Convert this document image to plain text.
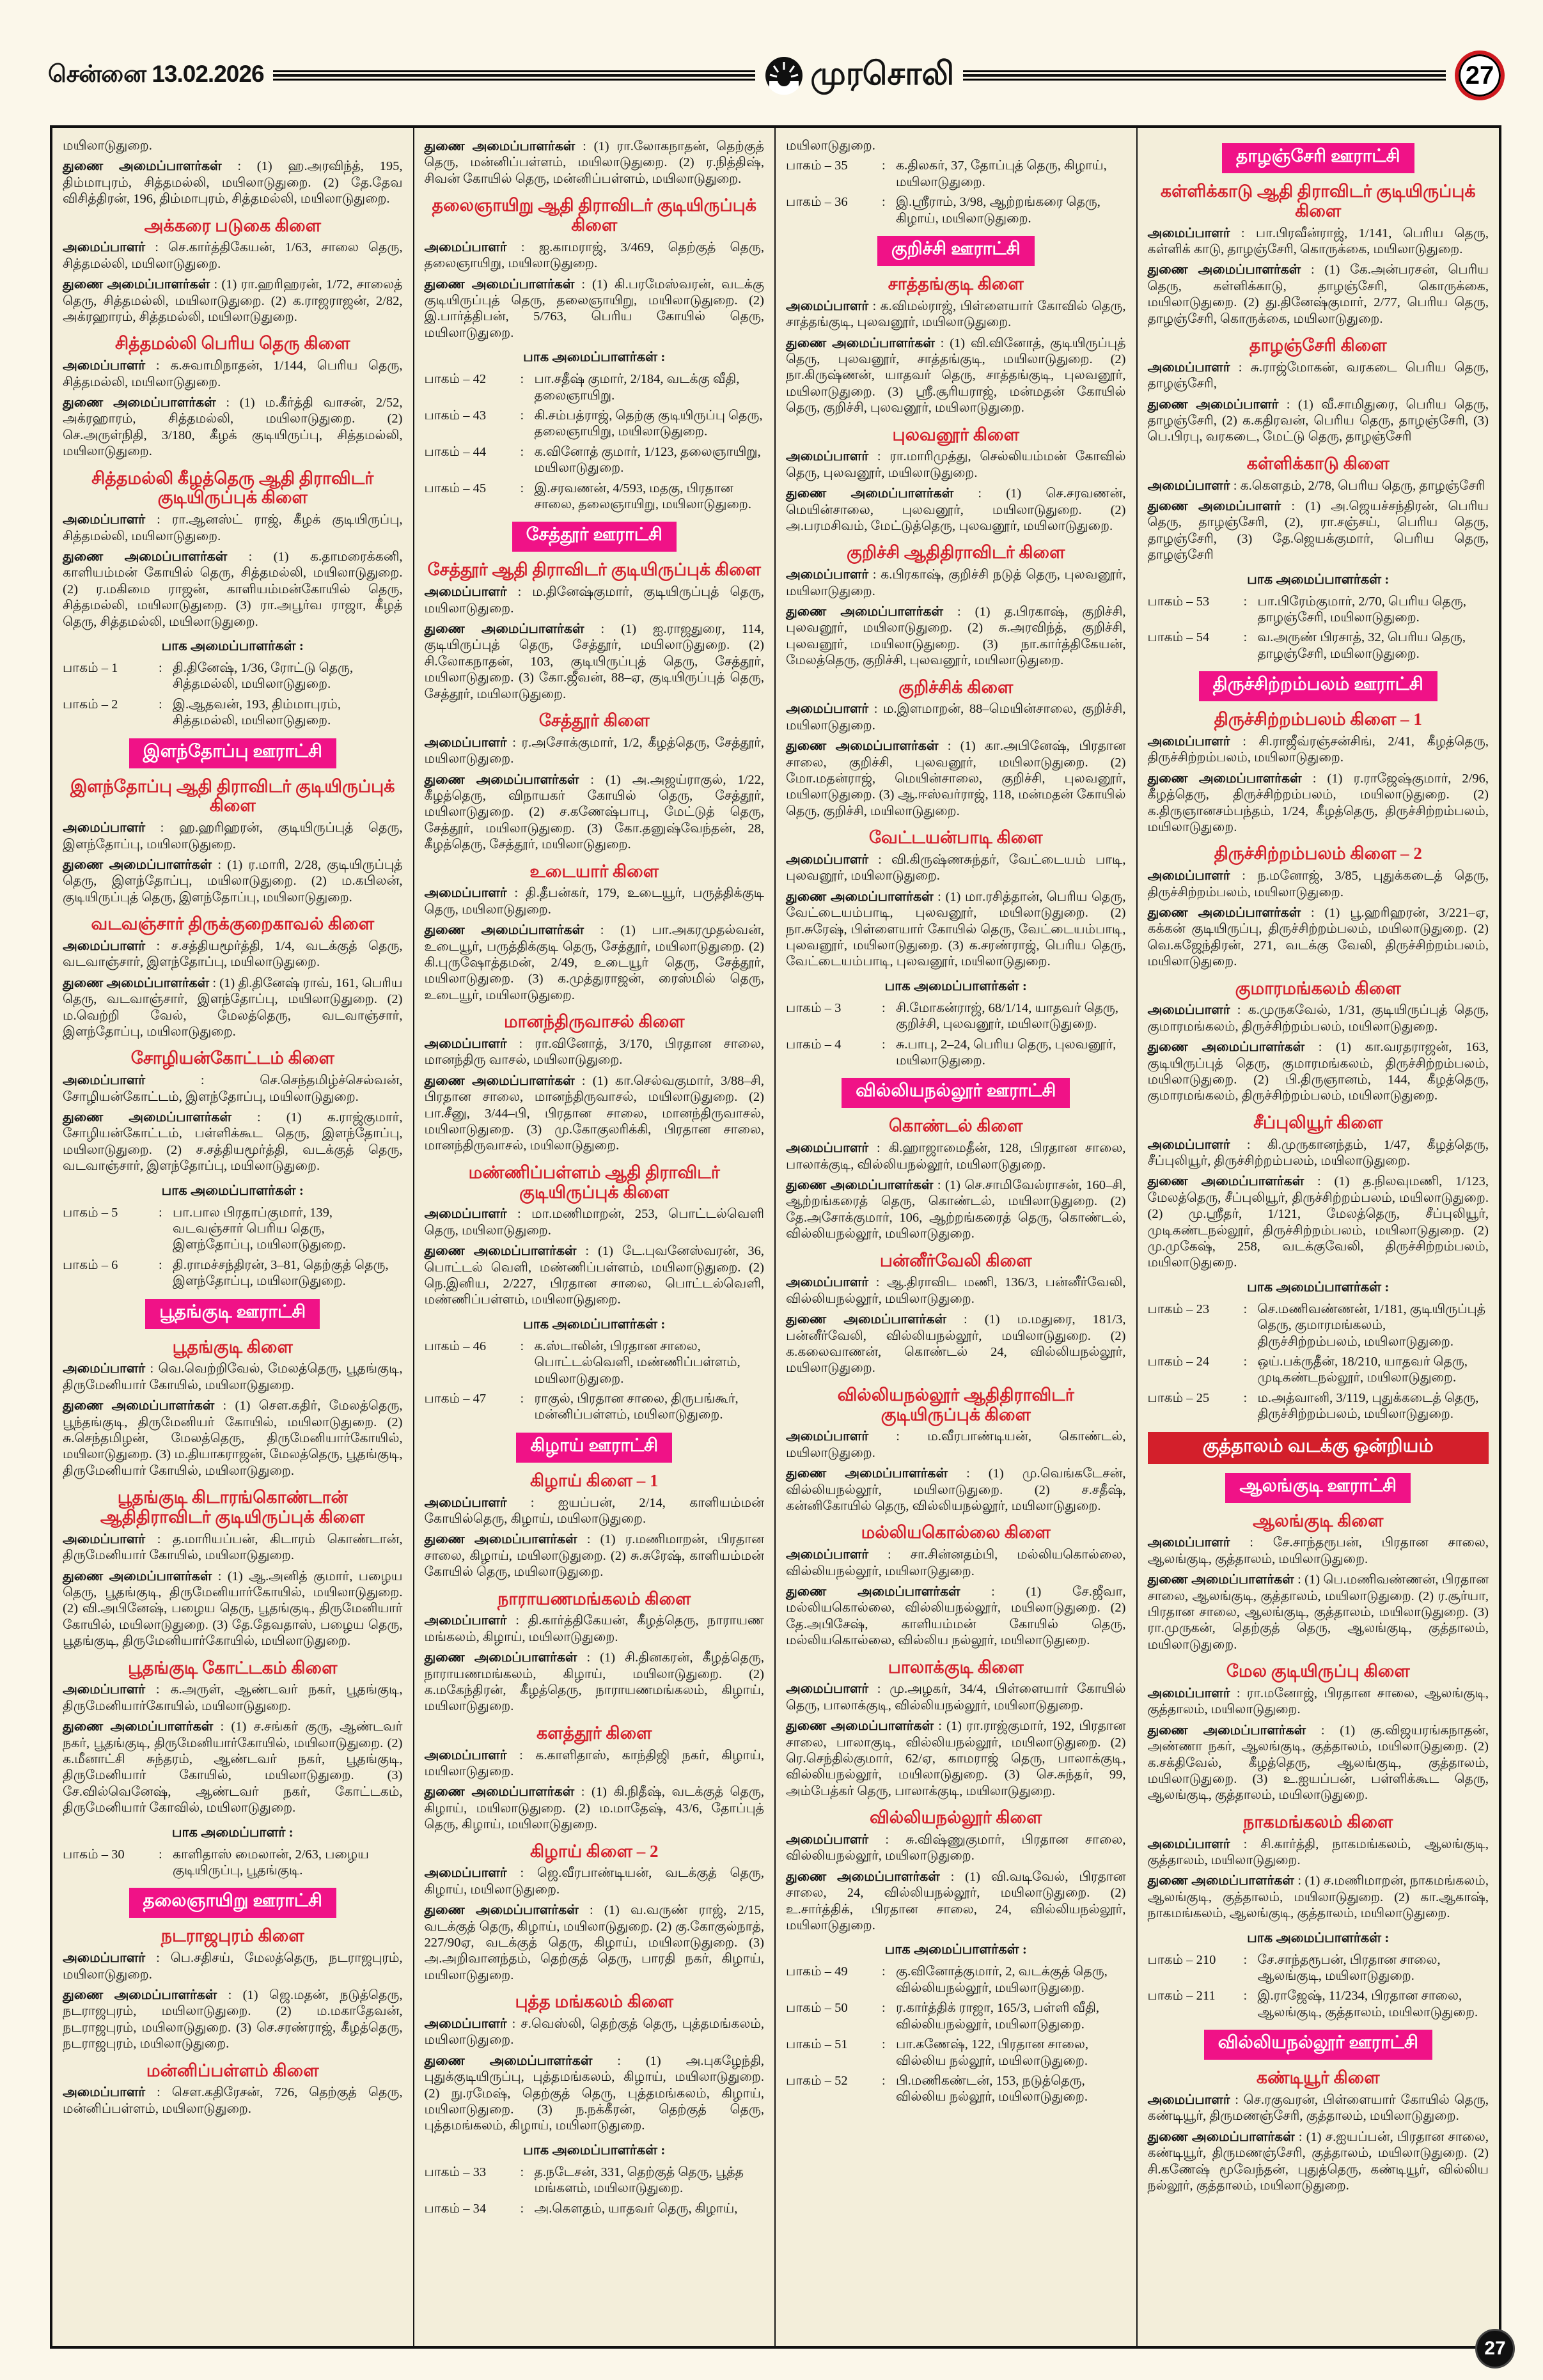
சென்னை 13.02.2026	முரசொலி	27
மயிலாடுதுறை.
துணை அமைப்பாளர்கள் : (1) ஹ.அரவிந்த், 195, திம்மாபுரம், சித்தமல்லி, மயிலாடுதுறை. (2) தே.தேவ விசித்திரன், 196, திம்மாபுரம், சித்தமல்லி, மயிலாடுதுறை.
அக்கரை படுகை கிளை
அமைப்பாளர் : செ.கார்த்திகேயன், 1/63, சாலை தெரு, சித்தமல்லி, மயிலாடுதுறை.
துணை அமைப்பாளர்கள் : (1) ரா.ஹரிஹரன், 1/72, சாலைத் தெரு, சித்தமல்லி, மயிலாடுதுறை. (2) க.ராஜராஜன், 2/82, அக்ரஹாரம், சித்தமல்லி, மயிலாடுதுறை.
சித்தமல்லி பெரிய தெரு கிளை
அமைப்பாளர் : க.சுவாமிநாதன், 1/144, பெரிய தெரு, சித்தமல்லி, மயிலாடுதுறை.
துணை அமைப்பாளர்கள் : (1) ம.கீர்த்தி வாசன், 2/52, அக்ரஹாரம், சித்தமல்லி, மயிலாடுதுறை. (2) செ.அருள்நிதி, 3/180, கீழக் குடியிருப்பு, சித்தமல்லி, மயிலாடுதுறை.
சித்தமல்லி கீழத்தெரு ஆதி திராவிடர் குடியிருப்புக் கிளை
அமைப்பாளர் : ரா.ஆனஸ்ட் ராஜ், கீழக் குடியிருப்பு, சித்தமல்லி, மயிலாடுதுறை.
துணை அமைப்பாளர்கள் : (1) க.தாமரைக்கனி, காளியம்மன் கோயில் தெரு, சித்தமல்லி, மயிலாடுதுறை. (2) ர.மகிமை ராஜன், காளியம்மன்கோயில் தெரு, சித்தமல்லி, மயிலாடுதுறை. (3) ரா.அபூர்வ ராஜா, கீழத் தெரு, சித்தமல்லி, மயிலாடுதுறை.
பாக அமைப்பாளர்கள் :
பாகம் – 1	: தி.தினேஷ், 1/36, ரோட்டு தெரு, சித்தமல்லி, மயிலாடுதுறை.
பாகம் – 2	: இ.ஆதவன், 193, திம்மாபுரம், சித்தமல்லி, மயிலாடுதுறை.
இளந்தோப்பு ஊராட்சி
இளந்தோப்பு ஆதி திராவிடர் குடியிருப்புக் கிளை
அமைப்பாளர் : ஹ.ஹரிஹரன், குடியிருப்புத் தெரு, இளந்தோப்பு, மயிலாடுதுறை.
துணை அமைப்பாளர்கள் : (1) ர.மாரி, 2/28, குடியிருப்புத் தெரு, இளந்தோப்பு, மயிலாடுதுறை. (2) ம.கபிலன், குடியிருப்புத் தெரு, இளந்தோப்பு, மயிலாடுதுறை.
வடவஞ்சார் திருக்குறைகாவல் கிளை
அமைப்பாளர் : ச.சத்தியமூர்த்தி, 1/4, வடக்குத் தெரு, வடவாஞ்சார், இளந்தோப்பு, மயிலாடுதுறை.
துணை அமைப்பாளர்கள் : (1) தி.தினேஷ் ராவ், 161, பெரிய தெரு, வடவாஞ்சார், இளந்தோப்பு, மயிலாடுதுறை. (2) ம.வெற்றி வேல், மேலத்தெரு, வடவாஞ்சார், இளந்தோப்பு, மயிலாடுதுறை.
சோழியன்கோட்டம் கிளை
அமைப்பாளர் : செ.செந்தமிழ்ச்செல்வன், சோழியன்கோட்டம், இளந்தோப்பு, மயிலாடுதுறை.
துணை அமைப்பாளர்கள் : (1) க.ராஜ்குமார், சோழியன்கோட்டம், பள்ளிக்கூட தெரு, இளந்தோப்பு, மயிலாடுதுறை. (2) ச.சத்தியமூர்த்தி, வடக்குத் தெரு, வடவாஞ்சார், இளந்தோப்பு, மயிலாடுதுறை.
பாக அமைப்பாளர்கள் :
பாகம் – 5	: பா.பால பிரதாப்குமார், 139, வடவஞ்சார் பெரிய தெரு, இளந்தோப்பு, மயிலாடுதுறை.
பாகம் – 6	: தி.ராமச்சந்திரன், 3–81, தெற்குத் தெரு, இளந்தோப்பு, மயிலாடுதுறை.
பூதங்குடி ஊராட்சி
பூதங்குடி கிளை
அமைப்பாளர் : வெ.வெற்றிவேல், மேலத்தெரு, பூதங்குடி, திருமேனியார் கோயில், மயிலாடுதுறை.
துணை அமைப்பாளர்கள் : (1) செள.கதிர், மேலத்தெரு, பூந்தங்குடி, திருமேனியர் கோயில், மயிலாடுதுறை. (2) சு.செந்தமிழன், மேலத்தெரு, திருமேனியார்கோயில், மயிலாடுதுறை. (3) ம.தியாகராஜன், மேலத்தெரு, பூதங்குடி, திருமேனியார் கோயில், மயிலாடுதுறை.
பூதங்குடி கிடாரங்கொண்டான் ஆதிதிராவிடர் குடியிருப்புக் கிளை
அமைப்பாளர் : த.மாரியப்பன், கிடாரம் கொண்டான், திருமேனியார் கோயில், மயிலாடுதுறை.
துணை அமைப்பாளர்கள் : (1) ஆ.அனித் குமார், பழைய தெரு, பூதங்குடி, திருமேனியார்கோயில், மயிலாடுதுறை. (2) வி.அபினேஷ், பழைய தெரு, பூதங்குடி, திருமேனியார் கோயில், மயிலாடுதுறை. (3) தே.தேவதாஸ், பழைய தெரு, பூதங்குடி, திருமேனியார்கோயில், மயிலாடுதுறை.
பூதங்குடி கோட்டகம் கிளை
அமைப்பாளர் : க.அருள், ஆண்டவர் நகர், பூதங்குடி, திருமேனியார்கோயில், மயிலாடுதுறை.
துணை அமைப்பாளர்கள் : (1) ச.சங்கர் குரு, ஆண்டவர் நகர், பூதங்குடி, திருமேனியார்கோயில், மயிலாடுதுறை. (2) க.மீனாட்சி சுந்தரம், ஆண்டவர் நகர், பூதங்குடி, திருமேனியார் கோயில், மயிலாடுதுறை. (3) சே.வில்வெனேஷ், ஆண்டவர் நகர், கோட்டகம், திருமேனியார் கோவில், மயிலாடுதுறை.
பாக அமைப்பாளர் :
பாகம் – 30	: காளிதாஸ் மைலான், 2/63, பழைய குடியிருப்பு, பூதங்குடி.
தலைஞாயிறு ஊராட்சி
நடராஜபுரம் கிளை
அமைப்பாளர் : பெ.சதிசய், மேலத்தெரு, நடராஜபுரம், மயிலாடுதுறை.
துணை அமைப்பாளர்கள் : (1) ஜெ.மதன், நடுத்தெரு, நடராஜபுரம், மயிலாடுதுறை. (2) ம.மகாதேவன், நடராஜபுரம், மயிலாடுதுறை. (3) செ.சரண்ராஜ், கீழத்தெரு, நடராஜபுரம், மயிலாடுதுறை.
மன்னிப்பள்ளம் கிளை
அமைப்பாளர் : சௌ.கதிரேசன், 726, தெற்குத் தெரு, மன்னிப்பள்ளம், மயிலாடுதுறை.
துணை அமைப்பாளர்கள் : (1) ரா.லோகநாதன், தெற்குத் தெரு, மன்னிப்பள்ளம், மயிலாடுதுறை. (2) ர.நித்திஷ், சிவன் கோயில் தெரு, மன்னிப்பள்ளம், மயிலாடுதுறை.
தலைஞாயிறு ஆதி திராவிடர் குடியிருப்புக் கிளை
அமைப்பாளர் : ஐ.காமராஜ், 3/469, தெற்குத் தெரு, தலைஞாயிறு, மயிலாடுதுறை.
துணை அமைப்பாளர்கள் : (1) கி.பரமேஸ்வரன், வடக்கு குடியிருப்புத் தெரு, தலைஞாயிறு, மயிலாடுதுறை. (2) இ.பார்த்திபன், 5/763, பெரிய கோயில் தெரு, மயிலாடுதுறை.
பாக அமைப்பாளர்கள் :
பாகம் – 42	: பா.சதீஷ் குமார், 2/184, வடக்கு வீதி, தலைஞாயிறு.
பாகம் – 43	: கி.சம்பத்ராஜ், தெற்கு குடியிருப்பு தெரு, தலைஞாயிறு, மயிலாடுதுறை.
பாகம் – 44	: க.வினோத் குமார், 1/123, தலைஞாயிறு, மயிலாடுதுறை.
பாகம் – 45	: இ.சரவணன், 4/593, மதகு, பிரதான சாலை, தலைஞாயிறு, மயிலாடுதுறை.
சேத்தூர் ஊராட்சி
சேத்தூர் ஆதி திராவிடர் குடியிருப்புக் கிளை
அமைப்பாளர் : ம.தினேஷ்குமார், குடியிருப்புத் தெரு, மயிலாடுதுறை.
துணை அமைப்பாளர்கள் : (1) ஐ.ராஜதுரை, 114, குடியிருப்புத் தெரு, சேத்தூர், மயிலாடுதுறை. (2) சி.லோகநாதன், 103, குடியிருப்புத் தெரு, சேத்தூர், மயிலாடுதுறை. (3) கோ.ஜீவன், 88–ஏ, குடியிருப்புத் தெரு, சேத்தூர், மயிலாடுதுறை.
சேத்தூர் கிளை
அமைப்பாளர் : ர.அசோக்குமார், 1/2, கீழத்தெரு, சேத்தூர், மயிலாடுதுறை.
துணை அமைப்பாளர்கள் : (1) அ.அஜய்ராகுல், 1/22, கீழத்தெரு, விநாயகர் கோயில் தெரு, சேத்தூர், மயிலாடுதுறை. (2) ச.கணேஷ்பாபு, மேட்டுத் தெரு, சேத்தூர், மயிலாடுதுறை. (3) கோ.தனுஷ்வேந்தன், 28, கீழத்தெரு, சேத்தூர், மயிலாடுதுறை.
உடையார் கிளை
அமைப்பாளர் : தி.தீபன்கர், 179, உடையூர், பருத்திக்குடி தெரு, மயிலாடுதுறை.
துணை அமைப்பாளர்கள் : (1) பா.அகரமுதல்வன், உடையூர், பருத்திக்குடி தெரு, சேத்தூர், மயிலாடுதுறை. (2) கி.புருஷோத்தமன், 2/49, உடையூர் தெரு, சேத்தூர், மயிலாடுதுறை. (3) க.முத்துராஜன், ரைஸ்மில் தெரு, உடையூர், மயிலாடுதுறை.
மானந்திருவாசல் கிளை
அமைப்பாளர் : ரா.வினோத், 3/170, பிரதான சாலை, மானந்திரு வாசல், மயிலாடுதுறை.
துணை அமைப்பாளர்கள் : (1) கா.செல்வகுமார், 3/88–சி, பிரதான சாலை, மானந்திருவாசல், மயிலாடுதுறை. (2) பா.சீனு, 3/44–பி, பிரதான சாலை, மானந்திருவாசல், மயிலாடுதுறை. (3) மு.கோகுலரிக்கி, பிரதான சாலை, மானந்திருவாசல், மயிலாடுதுறை.
மண்ணிப்பள்ளம் ஆதி திராவிடர் குடியிருப்புக் கிளை
அமைப்பாளர் : மா.மணிமாறன், 253, பொட்டல்வெளி தெரு, மயிலாடுதுறை.
துணை அமைப்பாளர்கள் : (1) டே.புவனேஸ்வரன், 36, பொட்டல் வெளி, மண்ணிப்பள்ளம், மயிலாடுதுறை. (2) நெ.இனிய, 2/227, பிரதான சாலை, பொட்டல்வெளி, மண்ணிப்பள்ளம், மயிலாடுதுறை.
பாக அமைப்பாளர்கள் :
பாகம் – 46	: க.ஸ்டாலின், பிரதான சாலை, பொட்டல்வெளி, மண்ணிப்பள்ளம், மயிலாடுதுறை.
பாகம் – 47	: ராகுல், பிரதான சாலை, திருபங்கூர், மன்னிப்பள்ளம், மயிலாடுதுறை.
கிழாய் ஊராட்சி
கிழாய் கிளை – 1
அமைப்பாளர் : ஐயப்பன், 2/14, காளியம்மன் கோயில்தெரு, கிழாய், மயிலாடுதுறை.
துணை அமைப்பாளர்கள் : (1) ர.மணிமாறன், பிரதான சாலை, கிழாய், மயிலாடுதுறை. (2) சு.சுரேஷ், காளியம்மன் கோயில் தெரு, மயிலாடுதுறை.
நாராயணமங்கலம் கிளை
அமைப்பாளர் : தி.கார்த்திகேயன், கீழத்தெரு, நாராயண மங்கலம், கிழாய், மயிலாடுதுறை.
துணை அமைப்பாளர்கள் : (1) சி.தினகரன், கீழத்தெரு, நாராயணமங்கலம், கிழாய், மயிலாடுதுறை. (2) க.மகேந்திரன், கீழத்தெரு, நாராயணமங்கலம், கிழாய், மயிலாடுதுறை.
களத்தூர் கிளை
அமைப்பாளர் : க.காளிதாஸ், காந்திஜி நகர், கிழாய், மயிலாடுதுறை.
துணை அமைப்பாளர்கள் : (1) கி.நிதீஷ், வடக்குத் தெரு, கிழாய், மயிலாடுதுறை. (2) ம.மாதேஷ், 43/6, தோப்புத் தெரு, கிழாய், மயிலாடுதுறை.
கிழாய் கிளை – 2
அமைப்பாளர் : ஜெ.வீரபாண்டியன், வடக்குத் தெரு, கிழாய், மயிலாடுதுறை.
துணை அமைப்பாளர்கள் : (1) வ.வருண் ராஜ், 2/15, வடக்குத் தெரு, கிழாய், மயிலாடுதுறை. (2) கு.கோகுல்நாத், 227/90ஏ, வடக்குத் தெரு, கிழாய், மயிலாடுதுறை. (3) அ.அறிவானந்தம், தெற்குத் தெரு, பாரதி நகர், கிழாய், மயிலாடுதுறை.
புத்த மங்கலம் கிளை
அமைப்பாளர் : ச.வெஸ்லி, தெற்குத் தெரு, புத்தமங்கலம், மயிலாடுதுறை.
துணை அமைப்பாளர்கள் : (1) அ.புகழேந்தி, புதுக்குடியிருப்பு, புத்தமங்கலம், கிழாய், மயிலாடுதுறை. (2) நு.ரமேஷ், தெற்குத் தெரு, புத்தமங்கலம், கிழாய், மயிலாடுதுறை. (3) ந.நக்கீரன், தெற்குத் தெரு, புத்தமங்கலம், கிழாய், மயிலாடுதுறை.
பாக அமைப்பாளர்கள் :
பாகம் – 33	: த.நடேசன், 331, தெற்குத் தெரு, பூத்த மங்களம், மயிலாடுதுறை.
பாகம் – 34	: அ.கௌதம், யாதவர் தெரு, கிழாய்,
மயிலாடுதுறை.
பாகம் – 35	: க.திலகர், 37, தோப்புத் தெரு, கிழாய், மயிலாடுதுறை.
பாகம் – 36	: இ.ஸ்ரீராம், 3/98, ஆற்றங்கரை தெரு, கிழாய், மயிலாடுதுறை.
குறிச்சி ஊராட்சி
சாத்தங்குடி கிளை
அமைப்பாளர் : க.விமல்ராஜ், பிள்ளையார் கோவில் தெரு, சாத்தங்குடி, புலவனூர், மயிலாடுதுறை.
துணை அமைப்பாளர்கள் : (1) வி.வினோத், குடியிருப்புத் தெரு, புலவனூர், சாத்தங்குடி, மயிலாடுதுறை. (2) நா.கிருஷ்ணன், யாதவர் தெரு, சாத்தங்குடி, புலவனூர், மயிலாடுதுறை. (3) ஸ்ரீ.சூரியராஜ், மன்மதன் கோயில் தெரு, குறிச்சி, புலவனூர், மயிலாடுதுறை.
புலவனூர் கிளை
அமைப்பாளர் : ரா.மாரிமுத்து, செல்லியம்மன் கோவில் தெரு, புலவனூர், மயிலாடுதுறை.
துணை அமைப்பாளர்கள் : (1) செ.சரவணன், மெயின்சாலை, புலவனூர், மயிலாடுதுறை. (2) அ.பரமசிவம், மேட்டுத்தெரு, புலவனூர், மயிலாடுதுறை.
குறிச்சி ஆதிதிராவிடர் கிளை
அமைப்பாளர் : க.பிரகாஷ், குறிச்சி நடுத் தெரு, புலவனூர், மயிலாடுதுறை.
துணை அமைப்பாளர்கள் : (1) த.பிரகாஷ், குறிச்சி, புலவனூர், மயிலாடுதுறை. (2) சு.அரவிந்த், குறிச்சி, புலவனூர், மயிலாடுதுறை. (3) நா.கார்த்திகேயன், மேலத்தெரு, குறிச்சி, புலவனூர், மயிலாடுதுறை.
குறிச்சிக் கிளை
அமைப்பாளர் : ம.இளமாறன், 88–மெயின்சாலை, குறிச்சி, மயிலாடுதுறை.
துணை அமைப்பாளர்கள் : (1) கா.அபினேஷ், பிரதான சாலை, குறிச்சி, புலவனூர், மயிலாடுதுறை. (2) மோ.மதன்ராஜ், மெயின்சாலை, குறிச்சி, புலவனூர், மயிலாடுதுறை. (3) ஆ.ஈஸ்வர்ராஜ், 118, மன்மதன் கோயில் தெரு, குறிச்சி, மயிலாடுதுறை.
வேட்டயன்பாடி கிளை
அமைப்பாளர் : வி.கிருஷ்ணசுந்தர், வேட்டையம் பாடி, புலவனூர், மயிலாடுதுறை.
துணை அமைப்பாளர்கள் : (1) மா.ரசித்தான், பெரிய தெரு, வேட்டையம்பாடி, புலவனூர், மயிலாடுதுறை. (2) நா.சுரேஷ், பிள்ளையார் கோயில் தெரு, வேட்டையம்பாடி, புலவனூர், மயிலாடுதுறை. (3) க.சரண்ராஜ், பெரிய தெரு, வேட்டையம்பாடி, புலவனூர், மயிலாடுதுறை.
பாக அமைப்பாளர்கள் :
பாகம் – 3	: சி.மோகன்ராஜ், 68/1/14, யாதவர் தெரு, குறிச்சி, புலவனூர், மயிலாடுதுறை.
பாகம் – 4	: சு.பாபு, 2–24, பெரிய தெரு, புலவனூர், மயிலாடுதுறை.
வில்லியநல்லூர் ஊராட்சி
கொண்டல் கிளை
அமைப்பாளர் : கி.ஹாஜாமைதீன், 128, பிரதான சாலை, பாலாக்குடி, வில்லியநல்லூர், மயிலாடுதுறை.
துணை அமைப்பாளர்கள் : (1) செ.சாமிவேல்ராசன், 160–சி, ஆற்றங்கரைத் தெரு, கொண்டல், மயிலாடுதுறை. (2) தே.அசோக்குமார், 106, ஆற்றங்கரைத் தெரு, கொண்டல், வில்லியநல்லூர், மயிலாடுதுறை.
பன்னீர்வேலி கிளை
அமைப்பாளர் : ஆ.திராவிட மணி, 136/3, பன்னீர்வேலி, வில்லியநல்லூர், மயிலாடுதுறை.
துணை அமைப்பாளர்கள் : (1) ம.மதுரை, 181/3, பன்னீர்வேலி, வில்லியநல்லூர், மயிலாடுதுறை. (2) க.கலைவாணன், கொண்டல் 24, வில்லியநல்லூர், மயிலாடுதுறை.
வில்லியநல்லூர் ஆதிதிராவிடர் குடியிருப்புக் கிளை
அமைப்பாளர் : ம.வீரபாண்டியன், கொண்டல், மயிலாடுதுறை.
துணை அமைப்பாளர்கள் : (1) மு.வெங்கடேசன், வில்லியநல்லூர், மயிலாடுதுறை. (2) ச.சதீஷ், கன்னிகோயில் தெரு, வில்லியநல்லூர், மயிலாடுதுறை.
மல்லியகொல்லை கிளை
அமைப்பாளர் : சா.சின்னதம்பி, மல்லியகொல்லை, வில்லியநல்லூர், மயிலாடுதுறை.
துணை அமைப்பாளர்கள் : (1) சே.ஜீவா, மல்லியகொல்லை, வில்லியநல்லூர், மயிலாடுதுறை. (2) தே.அபிசேஷ், காளியம்மன் கோயில் தெரு, மல்லியகொல்லை, வில்லிய நல்லூர், மயிலாடுதுறை.
பாலாக்குடி கிளை
அமைப்பாளர் : மு.அழகர், 34/4, பிள்ளையார் கோயில் தெரு, பாலாக்குடி, வில்லியநல்லூர், மயிலாடுதுறை.
துணை அமைப்பாளர்கள் : (1) ரா.ராஜ்குமார், 192, பிரதான சாலை, பாலாகுடி, வில்லியநல்லூர், மயிலாடுதுறை. (2) ரெ.செந்தில்குமார், 62/ஏ, காமராஜ் தெரு, பாலாக்குடி, வில்லியநல்லூர், மயிலாடுதுறை. (3) செ.சுந்தர், 99, அம்பேத்கர் தெரு, பாலாக்குடி, மயிலாடுதுறை.
வில்லியநல்லூர் கிளை
அமைப்பாளர் : சு.விஷ்ணுகுமார், பிரதான சாலை, வில்லியநல்லூர், மயிலாடுதுறை.
துணை அமைப்பாளர்கள் : (1) வி.வடிவேல், பிரதான சாலை, 24, வில்லியநல்லூர், மயிலாடுதுறை. (2) உ.சார்த்திக், பிரதான சாலை, 24, வில்லியநல்லூர், மயிலாடுதுறை.
பாக அமைப்பாளர்கள் :
பாகம் – 49	: கு.வினோத்குமார், 2, வடக்குத் தெரு, வில்லியநல்லூர், மயிலாடுதுறை.
பாகம் – 50	: ர.கார்த்திக் ராஜா, 165/3, பள்ளி வீதி, வில்லியநல்லூர், மயிலாடுதுறை.
பாகம் – 51	: பா.கணேஷ், 122, பிரதான சாலை, வில்லிய நல்லூர், மயிலாடுதுறை.
பாகம் – 52	: பி.மணிகண்டன், 153, நடுத்தெரு, வில்லிய நல்லூர், மயிலாடுதுறை.
தாழஞ்சேரி ஊராட்சி
கள்ளிக்காடு ஆதி திராவிடர் குடியிருப்புக் கிளை
அமைப்பாளர் : பா.பிரவீன்ராஜ், 1/141, பெரிய தெரு, கள்ளிக் காடு, தாழஞ்சேரி, கொருக்கை, மயிலாடுதுறை.
துணை அமைப்பாளர்கள் : (1) கே.அன்பரசன், பெரிய தெரு, கள்ளிக்காடு, தாழஞ்சேரி, கொருக்கை, மயிலாடுதுறை. (2) து.தினேஷ்குமார், 2/77, பெரிய தெரு, தாழஞ்சேரி, கொருக்கை, மயிலாடுதுறை.
தாழஞ்சேரி கிளை
அமைப்பாளர் : சு.ராஜ்மோகன், வரகடை பெரிய தெரு, தாழஞ்சேரி,
துணை அமைப்பாளர் : (1) வீ.சாமிதுரை, பெரிய தெரு, தாழஞ்சேரி, (2) க.கதிரவன், பெரிய தெரு, தாழஞ்சேரி, (3) பெ.பிரபு, வரகடை, மேட்டு தெரு, தாழஞ்சேரி
கள்ளிக்காடு கிளை
அமைப்பாளர் : க.கௌதம், 2/78, பெரிய தெரு, தாழஞ்சேரி
துணை அமைப்பாளர் : (1) அ.ஜெயச்சந்திரன், பெரிய தெரு, தாழஞ்சேரி, (2), ரா.சஞ்சய், பெரிய தெரு, தாழஞ்சேரி, (3) தே.ஜெயக்குமார், பெரிய தெரு, தாழஞ்சேரி
பாக அமைப்பாளர்கள் :
பாகம் – 53	: பா.பிரேம்குமார், 2/70, பெரிய தெரு, தாழஞ்சேரி, மயிலாடுதுறை.
பாகம் – 54	: வ.அருண் பிரசாத், 32, பெரிய தெரு, தாழஞ்சேரி, மயிலாடுதுறை.
திருச்சிற்றம்பலம் ஊராட்சி
திருச்சிற்றம்பலம் கிளை – 1
அமைப்பாளர் : சி.ராஜீவ்ரஞ்சன்சிங், 2/41, கீழத்தெரு, திருச்சிற்றம்பலம், மயிலாடுதுறை.
துணை அமைப்பாளர்கள் : (1) ர.ராஜேஷ்குமார், 2/96, கீழத்தெரு, திருச்சிற்றம்பலம், மயிலாடுதுறை. (2) க.திருஞானசம்பந்தம், 1/24, கீழத்தெரு, திருச்சிற்றம்பலம், மயிலாடுதுறை.
திருச்சிற்றம்பலம் கிளை – 2
அமைப்பாளர் : ந.மனோஜ், 3/85, புதுக்கடைத் தெரு, திருச்சிற்றம்பலம், மயிலாடுதுறை.
துணை அமைப்பாளர்கள் : (1) பூ.ஹரிஹரன், 3/221–ஏ, கக்கன் குடியிருப்பு, திருச்சிற்றம்பலம், மயிலாடுதுறை. (2) வெ.கஜேந்திரன், 271, வடக்கு வேலி, திருச்சிற்றம்பலம், மயிலாடுதுறை.
குமாரமங்கலம் கிளை
அமைப்பாளர் : க.முருகவேல், 1/31, குடியிருப்புத் தெரு, குமாரமங்கலம், திருச்சிற்றம்பலம், மயிலாடுதுறை.
துணை அமைப்பாளர்கள் : (1) கா.வரதராஜன், 163, குடியிருப்புத் தெரு, குமாரமங்கலம், திருச்சிற்றம்பலம், மயிலாடுதுறை. (2) பி.திருஞானம், 144, கீழத்தெரு, குமாரமங்கலம், திருச்சிற்றம்பலம், மயிலாடுதுறை.
சீப்புலியூர் கிளை
அமைப்பாளர் : கி.முருகானந்தம், 1/47, கீழத்தெரு, சீப்புலியூர், திருச்சிற்றம்பலம், மயிலாடுதுறை.
துணை அமைப்பாளர்கள் : (1) த.நிலவுமணி, 1/123, மேலத்தெரு, சீப்புலியூர், திருச்சிற்றம்பலம், மயிலாடுதுறை. (2) மு.ஸ்ரீதர், 1/121, மேலத்தெரு, சீப்புலியூர், முடிகண்டநல்லூர், திருச்சிற்றம்பலம், மயிலாடுதுறை. (2) மு.முகேஷ், 258, வடக்குவேலி, திருச்சிற்றம்பலம், மயிலாடுதுறை.
பாக அமைப்பாளர்கள் :
பாகம் – 23	: செ.மணிவண்ணன், 1/181, குடியிருப்புத் தெரு, குமாரமங்கலம், திருச்சிற்றம்பலம், மயிலாடுதுறை.
பாகம் – 24	: ஒய்.பக்ருதீன், 18/210, யாதவர் தெரு, முடிகண்டநல்லூர், மயிலாடுதுறை.
பாகம் – 25	: ம.அத்வானி, 3/119, புதுக்கடைத் தெரு, திருச்சிற்றம்பலம், மயிலாடுதுறை.
குத்தாலம் வடக்கு ஒன்றியம்
ஆலங்குடி ஊராட்சி
ஆலங்குடி கிளை
அமைப்பாளர் : சே.சாந்தரூபன், பிரதான சாலை, ஆலங்குடி, குத்தாலம், மயிலாடுதுறை.
துணை அமைப்பாளர்கள் : (1) பெ.மணிவண்ணன், பிரதான சாலை, ஆலங்குடி, குத்தாலம், மயிலாடுதுறை. (2) ர.சூர்யா, பிரதான சாலை, ஆலங்குடி, குத்தாலம், மயிலாடுதுறை. (3) ரா.முருகன், தெற்குத் தெரு, ஆலங்குடி, குத்தாலம், மயிலாடுதுறை.
மேல குடியிருப்பு கிளை
அமைப்பாளர் : ரா.மனோஜ், பிரதான சாலை, ஆலங்குடி, குத்தாலம், மயிலாடுதுறை.
துணை அமைப்பாளர்கள் : (1) கு.விஜயரங்கநாதன், அண்ணா நகர், ஆலங்குடி, குத்தாலம், மயிலாடுதுறை. (2) க.சக்திவேல், கீழத்தெரு, ஆலங்குடி, குத்தாலம், மயிலாடுதுறை. (3) உ.ஐயப்பன், பள்ளிக்கூட தெரு, ஆலங்குடி, குத்தாலம், மயிலாடுதுறை.
நாகமங்கலம் கிளை
அமைப்பாளர் : சி.கார்த்தி, நாகமங்கலம், ஆலங்குடி, குத்தாலம், மயிலாடுதுறை.
துணை அமைப்பாளர்கள் : (1) ச.மணிமாறன், நாகமங்கலம், ஆலங்குடி, குத்தாலம், மயிலாடுதுறை. (2) கா.ஆகாஷ், நாகமங்கலம், ஆலங்குடி, குத்தாலம், மயிலாடுதுறை.
பாக அமைப்பாளர்கள் :
பாகம் – 210	: சே.சாந்தரூபன், பிரதான சாலை, ஆலங்குடி, மயிலாடுதுறை.
பாகம் – 211	: இ.ராஜேஷ், 11/234, பிரதான சாலை, ஆலங்குடி, குத்தாலம், மயிலாடுதுறை.
வில்லியநல்லூர் ஊராட்சி
கண்டியூர் கிளை
அமைப்பாளர் : செ.ரகுவரன், பிள்ளையார் கோயில் தெரு, கண்டியூர், திருமணஞ்சேரி, குத்தாலம், மயிலாடுதுறை.
துணை அமைப்பாளர்கள் : (1) ச.ஐயப்பன், பிரதான சாலை, கண்டியூர், திருமணஞ்சேரி, குத்தாலம், மயிலாடுதுறை. (2) சி.கணேஷ் மூவேந்தன், புதுத்தெரு, கண்டியூர், வில்லிய நல்லூர், குத்தாலம், மயிலாடுதுறை.
27
